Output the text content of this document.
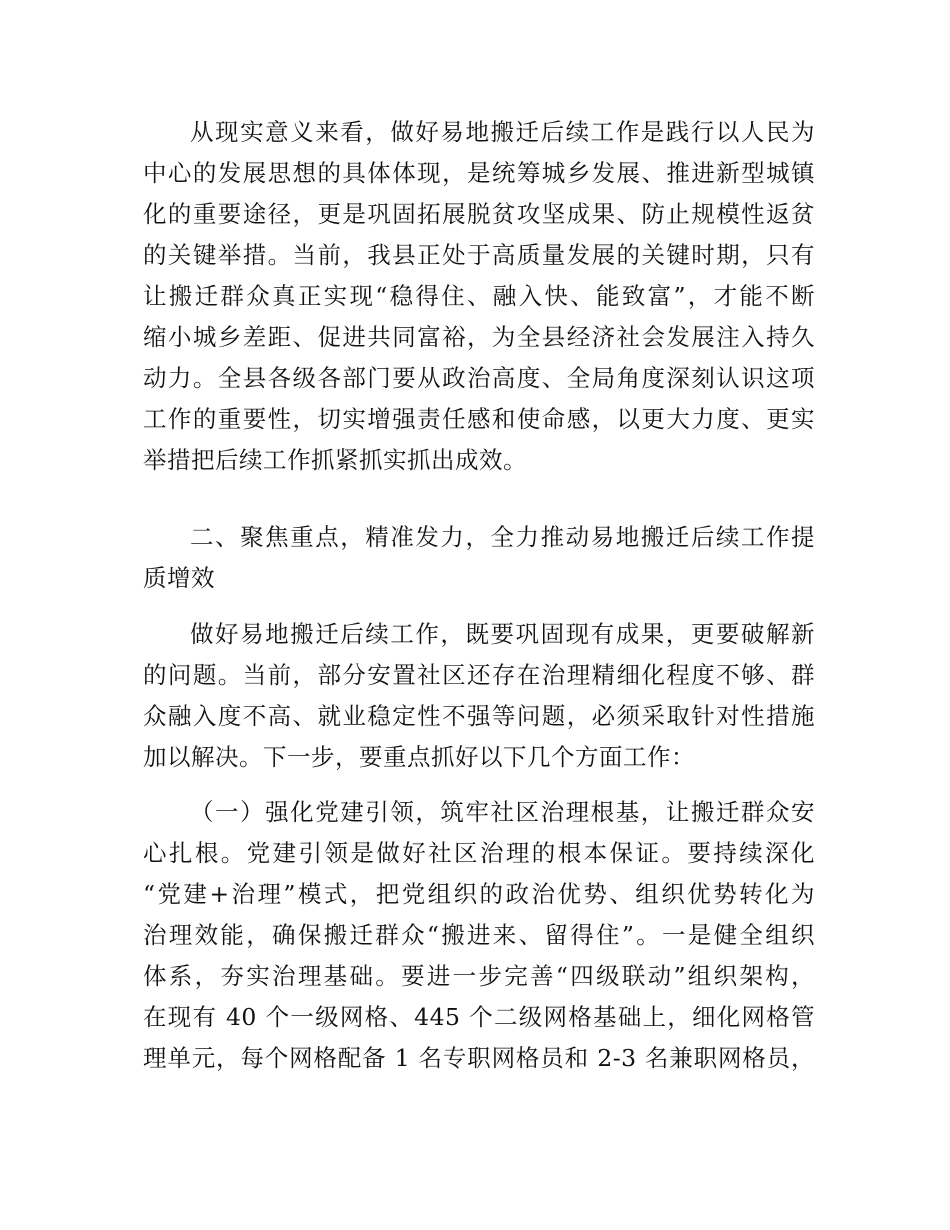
从现实意义来看，做好易地搬迁后续工作是践行以人民为
中心的发展思想的具体体现，是统筹城乡发展、推进新型城镇
化的重要途径，更是巩固拓展脱贫攻坚成果、防止规模性返贫
的关键举措。当前，我县正处于高质量发展的关键时期，只有
让搬迁群众真正实现“稳得住、融入快、能致富”，才能不断
缩小城乡差距、促进共同富裕，为全县经济社会发展注入持久
动力。全县各级各部门要从政治高度、全局角度深刻认识这项
工作的重要性，切实增强责任感和使命感，以更大力度、更实
举措把后续工作抓紧抓实抓出成效。
二、聚焦重点，精准发力，全力推动易地搬迁后续工作提
质增效
做好易地搬迁后续工作，既要巩固现有成果，更要破解新
的问题。当前，部分安置社区还存在治理精细化程度不够、群
众融入度不高、就业稳定性不强等问题，必须采取针对性措施
加以解决。下一步，要重点抓好以下几个方面工作：
（一）强化党建引领，筑牢社区治理根基，让搬迁群众安
心扎根。党建引领是做好社区治理的根本保证。要持续深化
“党建+治理”模式，把党组织的政治优势、组织优势转化为
治理效能，确保搬迁群众“搬进来、留得住”。一是健全组织
体系，夯实治理基础。要进一步完善“四级联动”组织架构，
在现有 40 个一级网格、445 个二级网格基础上，细化网格管
理单元，每个网格配备 1 名专职网格员和 2-3 名兼职网格员，
